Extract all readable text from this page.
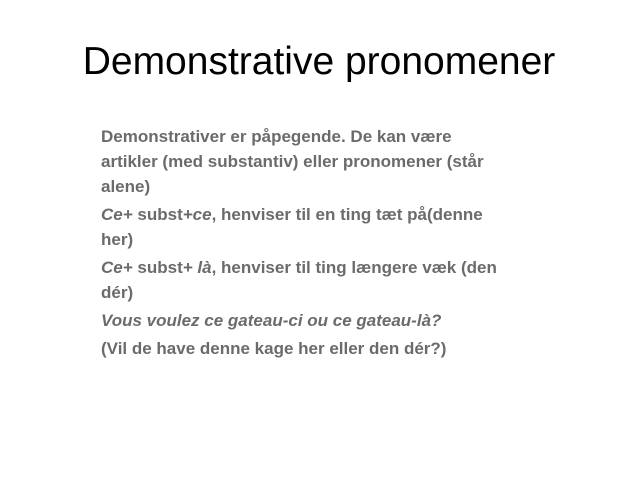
Demonstrative pronomener
Demonstrativer er påpegende. De kan være
artikler (med substantiv) eller pronomener (står
alene)
Ce+ subst+ce, henviser til en ting tæt på(denne
her)
Ce+ subst+ là, henviser til ting længere væk (den
dér)
Vous voulez ce gateau-ci ou ce gateau-là?
(Vil de have denne kage her eller den dér?)
